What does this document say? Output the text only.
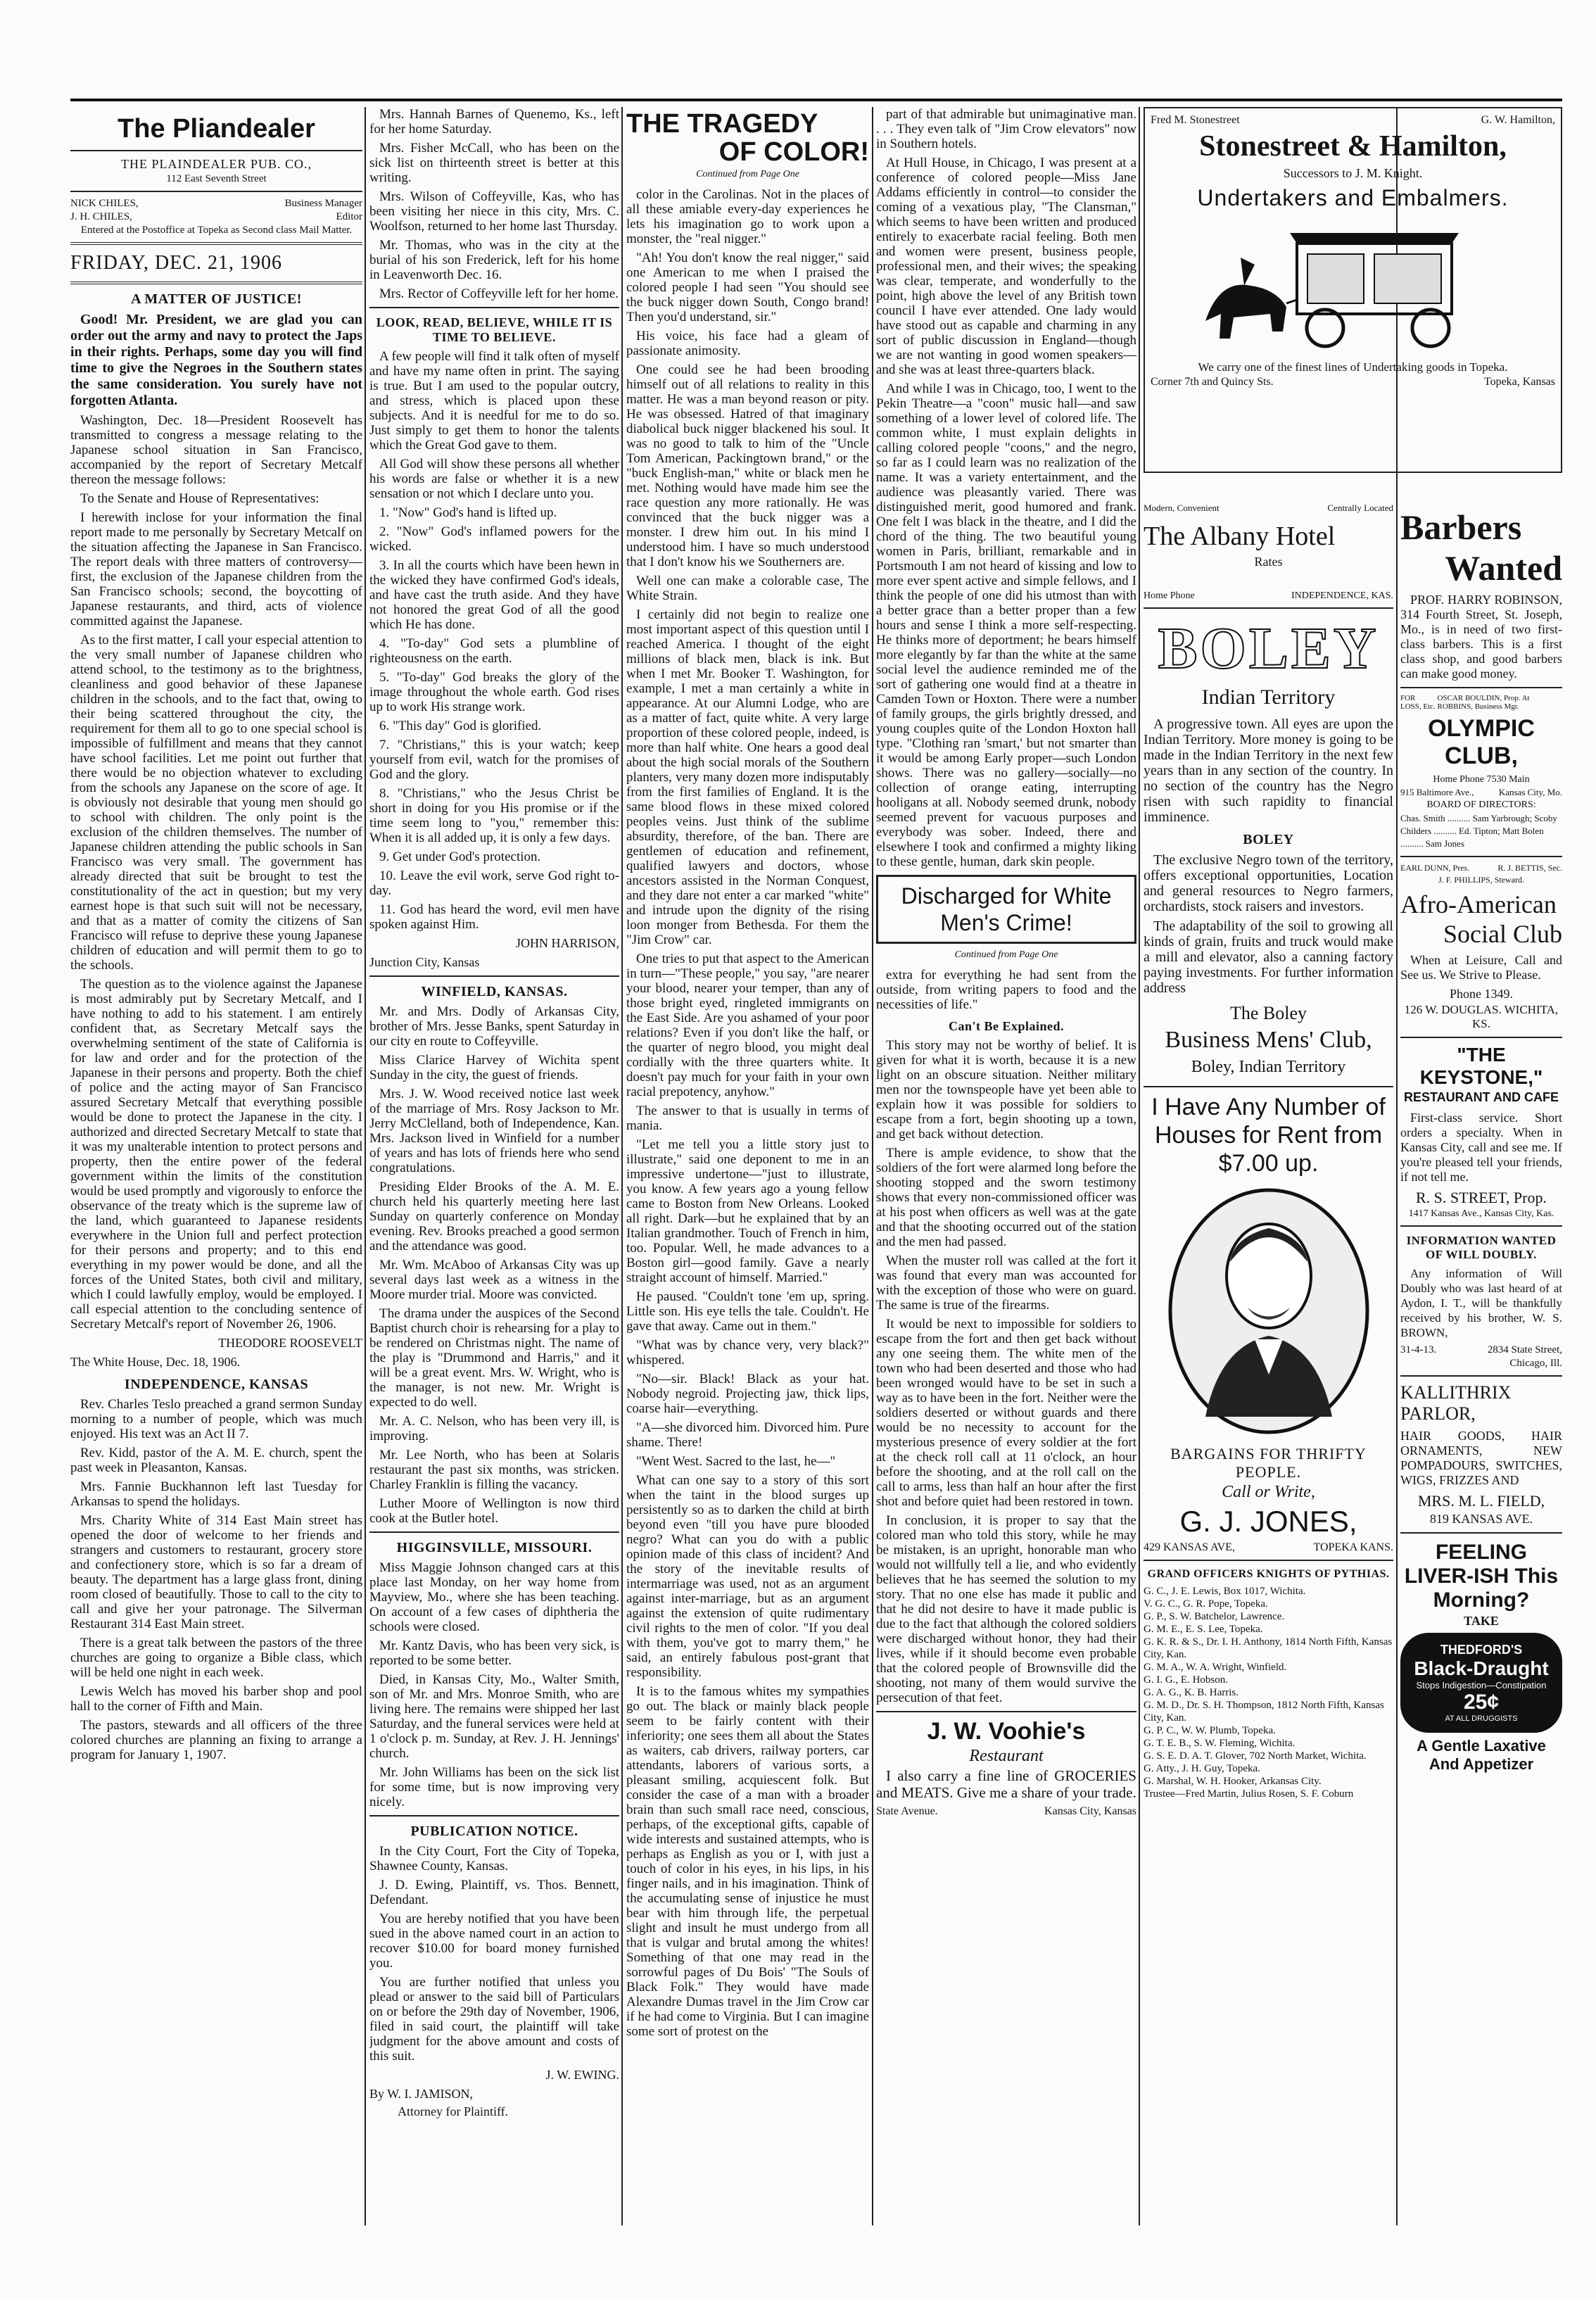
The Pliandealer
THE PLAINDEALER PUB. CO.,
112 East Seventh Street
NICK CHILES,	Business Manager
J. H. CHILES,	Editor
Entered at the Postoffice at Topeka as Second class Mail Matter.
FRIDAY, DEC. 21, 1906
A MATTER OF JUSTICE!

Good! Mr. President, we are glad you can order out the army and navy to protect the Japs in their rights. Perhaps, some day you will find time to give the Negroes in the Southern states the same consideration. You surely have not forgotten Atlanta.

Washington, Dec. 18—President Roosevelt has transmitted to congress a message relating to the Japanese school situation in San Francisco, accompanied by the report of Secretary Metcalf thereon the message follows:

To the Senate and House of Representatives:

I herewith inclose for your information the final report made to me personally by Secretary Metcalf on the situation affecting the Japanese in San Francisco. The report deals with three matters of controversy—first, the exclusion of the Japanese children from the San Francisco schools; second, the boycotting of Japanese restaurants, and third, acts of violence committed against the Japanese.

As to the first matter, I call your especial attention to the very small number of Japanese children who attend school, to the testimony as to the brightness, cleanliness and good behavior of these Japanese children in the schools, and to the fact that, owing to their being scattered throughout the city, the requirement for them all to go to one special school is impossible of fulfillment and means that they cannot have school facilities. Let me point out further that there would be no objection whatever to excluding from the schools any Japanese on the score of age. It is obviously not desirable that young men should go to school with children. The only point is the exclusion of the children themselves. The number of Japanese children attending the public schools in San Francisco was very small. The government has already directed that suit be brought to test the constitutionality of the act in question; but my very earnest hope is that such suit will not be necessary, and that as a matter of comity the citizens of San Francisco will refuse to deprive these young Japanese children of education and will permit them to go to the schools.

The question as to the violence against the Japanese is most admirably put by Secretary Metcalf, and I have nothing to add to his statement. I am entirely confident that, as Secretary Metcalf says the overwhelming sentiment of the state of California is for law and order and for the protection of the Japanese in their persons and property. Both the chief of police and the acting mayor of San Francisco assured Secretary Metcalf that everything possible would be done to protect the Japanese in the city. I authorized and directed Secretary Metcalf to state that it was my unalterable intention to protect persons and property, then the entire power of the federal government within the limits of the constitution would be used promptly and vigorously to enforce the observance of the treaty which is the supreme law of the land, which guaranteed to Japanese residents everywhere in the Union full and perfect protection for their persons and property; and to this end everything in my power would be done, and all the forces of the United States, both civil and military, which I could lawfully employ, would be employed. I call especial attention to the concluding sentence of Secretary Metcalf's report of November 26, 1906.

THEODORE ROOSEVELT
The White House, Dec. 18, 1906.
INDEPENDENCE, KANSAS

Rev. Charles Teslo preached a grand sermon Sunday morning to a number of people, which was much enjoyed. His text was an Act II 7.

Rev. Kidd, pastor of the A. M. E. church, spent the past week in Pleasanton, Kansas.

Mrs. Fannie Buckhannon left last Tuesday for Arkansas to spend the holidays.

Mrs. Charity White of 314 East Main street has opened the door of welcome to her friends and strangers and customers to restaurant, grocery store and confectionery store, which is so far a dream of beauty. The department has a large glass front, dining room closed of beautifully. Those to call to the city to call and give her your patronage. The Silverman Restaurant 314 East Main street.

There is a great talk between the pastors of the three churches are going to organize a Bible class, which will be held one night in each week.

Lewis Welch has moved his barber shop and pool hall to the corner of Fifth and Main.

The pastors, stewards and all officers of the three colored churches are planning an fixing to arrange a program for January 1, 1907.

Mrs. Hannah Barnes of Quenemo, Ks., left for her home Saturday.

Mrs. Fisher McCall, who has been on the sick list on thirteenth street is better at this writing.

Mrs. Wilson of Coffeyville, Kas, who has been visiting her niece in this city, Mrs. C. Woolfson, returned to her home last Thursday.

Mr. Thomas, who was in the city at the burial of his son Frederick, left for his home in Leavenworth Dec. 16.

Mrs. Rector of Coffeyville left for her home.

LOOK, READ, BELIEVE, WHILE IT IS TIME TO BELIEVE.

A few people will find it talk often of myself and have my name often in print. The saying is true. But I am used to the popular outcry, and stress, which is placed upon these subjects. And it is needful for me to do so. Just simply to get them to honor the talents which the Great God gave to them.

All God will show these persons all whether his words are false or whether it is a new sensation or not which I declare unto you.

1. "Now" God's hand is lifted up.

2. "Now" God's inflamed powers for the wicked.

3. In all the courts which have been hewn in the wicked they have confirmed God's ideals, and have cast the truth aside. And they have not honored the great God of all the good which He has done.

4. "To-day" God sets a plumbline of righteousness on the earth.

5. "To-day" God breaks the glory of the image throughout the whole earth. God rises up to work His strange work.

6. "This day" God is glorified.

7. "Christians," this is your watch; keep yourself from evil, watch for the promises of God and the glory.

8. "Christians," who the Jesus Christ be short in doing for you His promise or if the time seem long to "you," remember this: When it is all added up, it is only a few days.

9. Get under God's protection.

10. Leave the evil work, serve God right to-day.

11. God has heard the word, evil men have spoken against Him.

JOHN HARRISON,
Junction City, Kansas
WINFIELD, KANSAS.

Mr. and Mrs. Dodly of Arkansas City, brother of Mrs. Jesse Banks, spent Saturday in our city en route to Coffeyville.

Miss Clarice Harvey of Wichita spent Sunday in the city, the guest of friends.

Mrs. J. W. Wood received notice last week of the marriage of Mrs. Rosy Jackson to Mr. Jerry McClelland, both of Independence, Kan. Mrs. Jackson lived in Winfield for a number of years and has lots of friends here who send congratulations.

Presiding Elder Brooks of the A. M. E. church held his quarterly meeting here last Sunday on quarterly conference on Monday evening. Rev. Brooks preached a good sermon and the attendance was good.

Mr. Wm. McAboo of Arkansas City was up several days last week as a witness in the Moore murder trial. Moore was convicted.

The drama under the auspices of the Second Baptist church choir is rehearsing for a play to be rendered on Christmas night. The name of the play is "Drummond and Harris," and it will be a great event. Mrs. W. Wright, who is the manager, is not new. Mr. Wright is expected to do well.

Mr. A. C. Nelson, who has been very ill, is improving.

Mr. Lee North, who has been at Solaris restaurant the past six months, was stricken. Charley Franklin is filling the vacancy.

Luther Moore of Wellington is now third cook at the Butler hotel.

HIGGINSVILLE, MISSOURI.

Miss Maggie Johnson changed cars at this place last Monday, on her way home from Mayview, Mo., where she has been teaching. On account of a few cases of diphtheria the schools were closed.

Mr. Kantz Davis, who has been very sick, is reported to be some better.

Died, in Kansas City, Mo., Walter Smith, son of Mr. and Mrs. Monroe Smith, who are living here. The remains were shipped her last Saturday, and the funeral services were held at 1 o'clock p. m. Sunday, at Rev. J. H. Jennings' church.

Mr. John Williams has been on the sick list for some time, but is now improving very nicely.

PUBLICATION NOTICE.

In the City Court, Fort the City of Topeka, Shawnee County, Kansas.

J. D. Ewing, Plaintiff, vs. Thos. Bennett, Defendant.

You are hereby notified that you have been sued in the above named court in an action to recover $10.00 for board money furnished you.

You are further notified that unless you plead or answer to the said bill of Particulars on or before the 29th day of November, 1906, filed in said court, the plaintiff will take judgment for the above amount and costs of this suit.

J. W. EWING.
By W. I. JAMISON,
Attorney for Plaintiff.
THE TRAGEDY
OF COLOR!
Continued from Page One

color in the Carolinas. Not in the places of all these amiable every-day experiences he lets his imagination go to work upon a monster, the "real nigger."

"Ah! You don't know the real nigger," said one American to me when I praised the colored people I had seen "You should see the buck nigger down South, Congo brand! Then you'd understand, sir."

His voice, his face had a gleam of passionate animosity.

One could see he had been brooding himself out of all relations to reality in this matter. He was a man beyond reason or pity. He was obsessed. Hatred of that imaginary diabolical buck nigger blackened his soul. It was no good to talk to him of the "Uncle Tom American, Packingtown brand," or the "buck English-man," white or black men he met. Nothing would have made him see the race question any more rationally. He was convinced that the buck nigger was a monster. I drew him out. In his mind I understood him. I have so much understood that I don't know his we Southerners are.

Well one can make a colorable case, The White Strain.

I certainly did not begin to realize one most important aspect of this question until I reached America. I thought of the eight millions of black men, black is ink. But when I met Mr. Booker T. Washington, for example, I met a man certainly a white in appearance. At our Alumni Lodge, who are as a matter of fact, quite white. A very large proportion of these colored people, indeed, is more than half white. One hears a good deal about the high social morals of the Southern planters, very many dozen more indisputably from the first families of England. It is the same blood flows in these mixed colored peoples veins. Just think of the sublime absurdity, therefore, of the ban. There are gentlemen of education and refinement, qualified lawyers and doctors, whose ancestors assisted in the Norman Conquest, and they dare not enter a car marked "white" and intrude upon the dignity of the rising loon monger from Bethesda. For them the "Jim Crow" car.

One tries to put that aspect to the American in turn—"These people," you say, "are nearer your blood, nearer your temper, than any of those bright eyed, ringleted immigrants on the East Side. Are you ashamed of your poor relations? Even if you don't like the half, or the quarter of negro blood, you might deal cordially with the three quarters white. It doesn't pay much for your faith in your own racial prepotency, anyhow."

The answer to that is usually in terms of mania.

"Let me tell you a little story just to illustrate," said one deponent to me in an impressive undertone—"just to illustrate, you know. A few years ago a young fellow came to Boston from New Orleans. Looked all right. Dark—but he explained that by an Italian grandmother. Touch of French in him, too. Popular. Well, he made advances to a Boston girl—good family. Gave a nearly straight account of himself. Married."

He paused. "Couldn't tone 'em up, spring. Little son. His eye tells the tale. Couldn't. He gave that away. Came out in them."

"What was by chance very, very black?" whispered.

"No—sir. Black! Black as your hat. Nobody negroid. Projecting jaw, thick lips, coarse hair—everything.

"A—she divorced him. Divorced him. Pure shame. There!

"Went West. Sacred to the last, he—"

What can one say to a story of this sort when the taint in the blood surges up persistently so as to darken the child at birth beyond even "till you have pure blooded negro? What can you do with a public opinion made of this class of incident? And the story of the inevitable results of intermarriage was used, not as an argument against inter-marriage, but as an argument against the extension of quite rudimentary civil rights to the men of color. "If you deal with them, you've got to marry them," he said, an entirely fabulous post-grant that responsibility.

It is to the famous whites my sympathies go out. The black or mainly black people seem to be fairly content with their inferiority; one sees them all about the States as waiters, cab drivers, railway porters, car attendants, laborers of various sorts, a pleasant smiling, acquiescent folk. But consider the case of a man with a broader brain than such small race need, conscious, perhaps, of the exceptional gifts, capable of wide interests and sustained attempts, who is perhaps as English as you or I, with just a touch of color in his eyes, in his lips, in his finger nails, and in his imagination. Think of the accumulating sense of injustice he must bear with him through life, the perpetual slight and insult he must undergo from all that is vulgar and brutal among the whites! Something of that one may read in the sorrowful pages of Du Bois' "The Souls of Black Folk." They would have made Alexandre Dumas travel in the Jim Crow car if he had come to Virginia. But I can imagine some sort of protest on the

part of that admirable but unimaginative man. . . . They even talk of "Jim Crow elevators" now in Southern hotels.

At Hull House, in Chicago, I was present at a conference of colored people—Miss Jane Addams efficiently in control—to consider the coming of a vexatious play, "The Clansman," which seems to have been written and produced entirely to exacerbate racial feeling. Both men and women were present, business people, professional men, and their wives; the speaking was clear, temperate, and wonderfully to the point, high above the level of any British town council I have ever attended. One lady would have stood out as capable and charming in any sort of public discussion in England—though we are not wanting in good women speakers—and she was at least three-quarters black.

And while I was in Chicago, too, I went to the Pekin Theatre—a "coon" music hall—and saw something of a lower level of colored life. The common white, I must explain delights in calling colored people "coons," and the negro, so far as I could learn was no realization of the name. It was a variety entertainment, and the audience was pleasantly varied. There was distinguished merit, good humored and frank. One felt I was black in the theatre, and I did the chord of the thing. The two beautiful young women in Paris, brilliant, remarkable and in Portsmouth I am not heard of kissing and low to more ever spent active and simple fellows, and I think the people of one did his utmost than with a better grace than a better proper than a few hours and sense I think a more self-respecting. He thinks more of deportment; he bears himself more elegantly by far than the white at the same social level the audience reminded me of the sort of gathering one would find at a theatre in Camden Town or Hoxton. There were a number of family groups, the girls brightly dressed, and young couples quite of the London Hoxton hall type. "Clothing ran 'smart,' but not smarter than it would be among Early proper—such London shows. There was no gallery—socially—no collection of orange eating, interrupting hooligans at all. Nobody seemed drunk, nobody seemed prevent for vacuous purposes and everybody was sober. Indeed, there and elsewhere I took and confirmed a mighty liking to these gentle, human, dark skin people.

Discharged for White Men's Crime!
Continued from Page One

extra for everything he had sent from the outside, from writing papers to food and the necessities of life."

Can't Be Explained.

This story may not be worthy of belief. It is given for what it is worth, because it is a new light on an obscure situation. Neither military men nor the townspeople have yet been able to explain how it was possible for soldiers to escape from a fort, begin shooting up a town, and get back without detection.

There is ample evidence, to show that the soldiers of the fort were alarmed long before the shooting stopped and the sworn testimony shows that every non-commissioned officer was at his post when officers as well was at the gate and that the shooting occurred out of the station and the men had passed.

When the muster roll was called at the fort it was found that every man was accounted for with the exception of those who were on guard. The same is true of the firearms.

It would be next to impossible for soldiers to escape from the fort and then get back without any one seeing them. The white men of the town who had been deserted and those who had been wronged would have to be set in such a way as to have been in the fort. Neither were the soldiers deserted or without guards and there would be no necessity to account for the mysterious presence of every soldier at the fort at the check roll call at 11 o'clock, an hour before the shooting, and at the roll call on the call to arms, less than half an hour after the first shot and before quiet had been restored in town.

In conclusion, it is proper to say that the colored man who told this story, while he may be mistaken, is an upright, honorable man who would not willfully tell a lie, and who evidently believes that he has seemed the solution to my story. That no one else has made it public and that he did not desire to have it made public is due to the fact that although the colored soldiers were discharged without honor, they had their lives, while if it should become even probable that the colored people of Brownsville did the shooting, not many of them would survive the persecution of that feet.

J. W. Voohie's
Restaurant

I also carry a fine line of GROCERIES and MEATS. Give me a share of your trade.

State Avenue.	Kansas City, Kansas
Fred M. Stonestreet	G. W. Hamilton,
Stonestreet & Hamilton,
Successors to J. M. Knight.
Undertakers and Embalmers.
We carry one of the finest lines of Undertaking goods in Topeka.
Corner 7th and Quincy Sts.	Topeka, Kansas
Modern, Convenient	Centrally Located
The Albany Hotel
Rates
Home Phone	INDEPENDENCE, KAS.
BOLEY
Indian Territory

A progressive town. All eyes are upon the Indian Territory. More money is going to be made in the Indian Territory in the next few years than in any section of the country. In no section of the country has the Negro risen with such rapidity to financial imminence.

BOLEY

The exclusive Negro town of the territory, offers exceptional opportunities, Location and general resources to Negro farmers, orchardists, stock raisers and investors.

The adaptability of the soil to growing all kinds of grain, fruits and truck would make a mill and elevator, also a canning factory paying investments. For further information address

The Boley
Business Mens' Club,
Boley, Indian Territory
I Have Any Number of Houses for Rent from $7.00 up.
BARGAINS FOR THRIFTY PEOPLE.
Call or Write,
G. J. JONES,
429 KANSAS AVE,	TOPEKA KANS.
GRAND OFFICERS KNIGHTS OF PYTHIAS.

G. C., J. E. Lewis, Box 1017, Wichita.

V. G. C., G. R. Pope, Topeka.

G. P., S. W. Batchelor, Lawrence.

G. M. E., E. S. Lee, Topeka.

G. K. R. & S., Dr. I. H. Anthony, 1814 North Fifth, Kansas City, Kan.

G. M. A., W. A. Wright, Winfield.

G. I. G., E. Hobson.

G. A. G., K. B. Harris.

G. M. D., Dr. S. H. Thompson, 1812 North Fifth, Kansas City, Kan.

G. P. C., W. W. Plumb, Topeka.

G. T. E. B., S. W. Fleming, Wichita.

G. S. E. D. A. T. Glover, 702 North Market, Wichita.

G. Atty., J. H. Guy, Topeka.

G. Marshal, W. H. Hooker, Arkansas City.

Trustee—Fred Martin, Julius Rosen, S. F. Coburn

Barbers
Wanted

PROF. HARRY ROBINSON, 314 Fourth Street, St. Joseph, Mo., is in need of two first-class barbers. This is a first class shop, and good barbers can make good money.

FOR LOSS, Etc.
OSCAR BOULDIN, Prop. At ROBBINS, Business Mgr.
OLYMPIC CLUB,
Home Phone 7530 Main
915 Baltimore Ave.,	Kansas City, Mo.
BOARD OF DIRECTORS:

Chas. Smith .......... Sam Yarbrough; Scoby Childers .......... Ed. Tipton; Matt Bolen .......... Sam Jones

EARL DUNN, Pres.	R. J. BETTIS, Sec.
J. F. PHILLIPS, Steward.
Afro-American
Social Club

When at Leisure, Call and See us. We Strive to Please.

Phone 1349.
126 W. DOUGLAS. WICHITA, KS.
"THE KEYSTONE,"
RESTAURANT AND CAFE

First-class service. Short orders a specialty. When in Kansas City, call and see me. If you're pleased tell your friends, if not tell me.

R. S. STREET, Prop.
1417 Kansas Ave., Kansas City, Kas.
INFORMATION WANTED OF WILL DOUBLY.

Any information of Will Doubly who was last heard of at Aydon, I. T., will be thankfully received by his brother, W. S. BROWN,

31-4-13.	2834 State Street,
Chicago, Ill.
KALLITHRIX PARLOR,

HAIR GOODS, HAIR ORNAMENTS, NEW POMPADOURS, SWITCHES, WIGS, FRIZZES AND

MRS. M. L. FIELD,
819 KANSAS AVE.
FEELING LIVER-ISH This Morning?
TAKE
THEDFORD'S
Black-Draught
Stops Indigestion—Constipation
25¢
AT ALL DRUGGISTS
A Gentle Laxative And Appetizer
